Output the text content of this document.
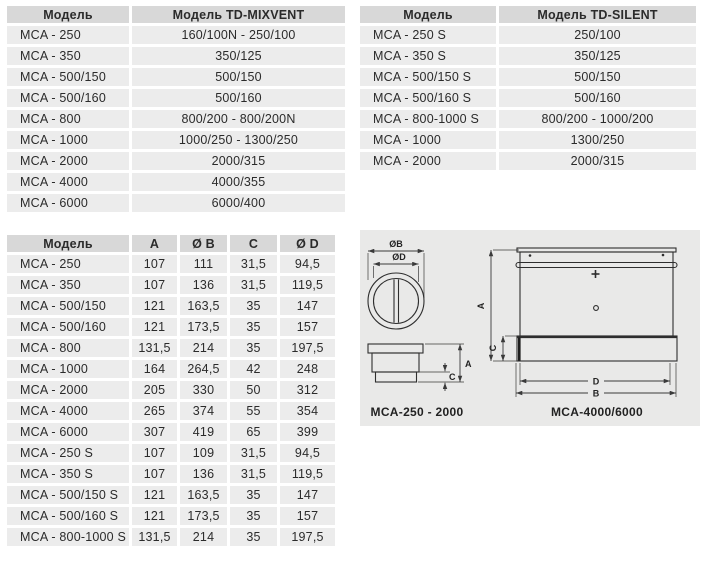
Модель	Модель TD-MIXVENT
MCA - 250	160/100N - 250/100
MCA - 350	350/125
MCA - 500/150	500/150
MCA - 500/160	500/160
MCA - 800	800/200 - 800/200N
MCA - 1000	1000/250 - 1300/250
MCA - 2000	2000/315
MCA - 4000	4000/355
MCA - 6000	6000/400
Модель	Модель TD-SILENT
MCA - 250 S	250/100
MCA - 350 S	350/125
MCA - 500/150 S	500/150
MCA - 500/160 S	500/160
MCA - 800-1000 S	800/200 - 1000/200
MCA - 1000	1300/250
MCA - 2000	2000/315
Модель	A	Ø B	C	Ø D
MCA - 250	107	111	31,5	94,5
MCA - 350	107	136	31,5	119,5
MCA - 500/150	121	163,5	35	147
MCA - 500/160	121	173,5	35	157
MCA - 800	131,5	214	35	197,5
MCA - 1000	164	264,5	42	248
MCA - 2000	205	330	50	312
MCA - 4000	265	374	55	354
MCA - 6000	307	419	65	399
MCA - 250 S	107	109	31,5	94,5
MCA - 350 S	107	136	31,5	119,5
MCA - 500/150 S	121	163,5	35	147
MCA - 500/160 S	121	173,5	35	157
MCA - 800-1000 S 131,5	214	35	197,5
ØB
ØD
A
C
MCA-250 - 2000
A
C
D
B
MCA-4000/6000
